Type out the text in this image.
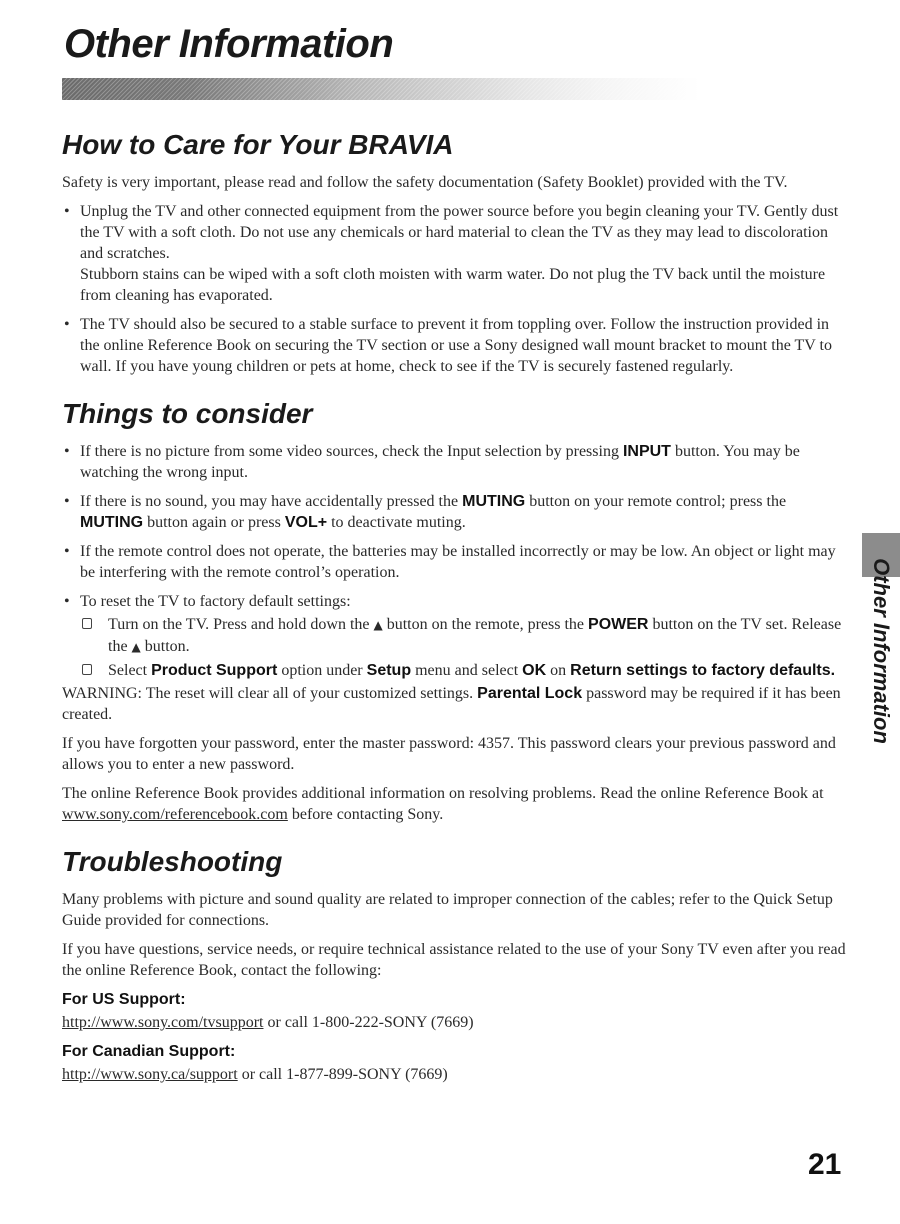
Other Information
Other Information
How to Care for Your BRAVIA

Safety is very important, please read and follow the safety documentation (Safety Booklet) provided with the TV.

• Unplug the TV and other connected equipment from the power source before you begin cleaning your TV. Gently dust the TV with a soft cloth. Do not use any chemicals or hard material to clean the TV as they may lead to discoloration and scratches.
Stubborn stains can be wiped with a soft cloth moisten with warm water. Do not plug the TV back until the moisture from cleaning has evaporated.
• The TV should also be secured to a stable surface to prevent it from toppling over. Follow the instruction provided in the online Reference Book on securing the TV section or use a Sony designed wall mount bracket to mount the TV to wall. If you have young children or pets at home, check to see if the TV is securely fastened regularly.
Things to consider
• If there is no picture from some video sources, check the Input selection by pressing INPUT button. You may be watching the wrong input.
• If there is no sound, you may have accidentally pressed the MUTING button on your remote control; press the MUTING button again or press VOL+ to deactivate muting.
• If the remote control does not operate, the batteries may be installed incorrectly or may be low. An object or light may be interfering with the remote control’s operation.
• To reset the TV to factory default settings:
Turn on the TV. Press and hold down the ▲ button on the remote, press the POWER button on the TV set. Release the ▲ button.
Select Product Support option under Setup menu and select OK on Return settings to factory defaults.

WARNING: The reset will clear all of your customized settings. Parental Lock password may be required if it has been created.

If you have forgotten your password, enter the master password: 4357. This password clears your previous password and allows you to enter a new password.

The online Reference Book provides additional information on resolving problems. Read the online Reference Book at www.sony.com/referencebook.com before contacting Sony.

Troubleshooting

Many problems with picture and sound quality are related to improper connection of the cables; refer to the Quick Setup Guide provided for connections.

If you have questions, service needs, or require technical assistance related to the use of your Sony TV even after you read the online Reference Book, contact the following:

For US Support:

http://www.sony.com/tvsupport or call 1-800-222-SONY (7669)

For Canadian Support:

http://www.sony.ca/support or call 1-877-899-SONY (7669)

21
